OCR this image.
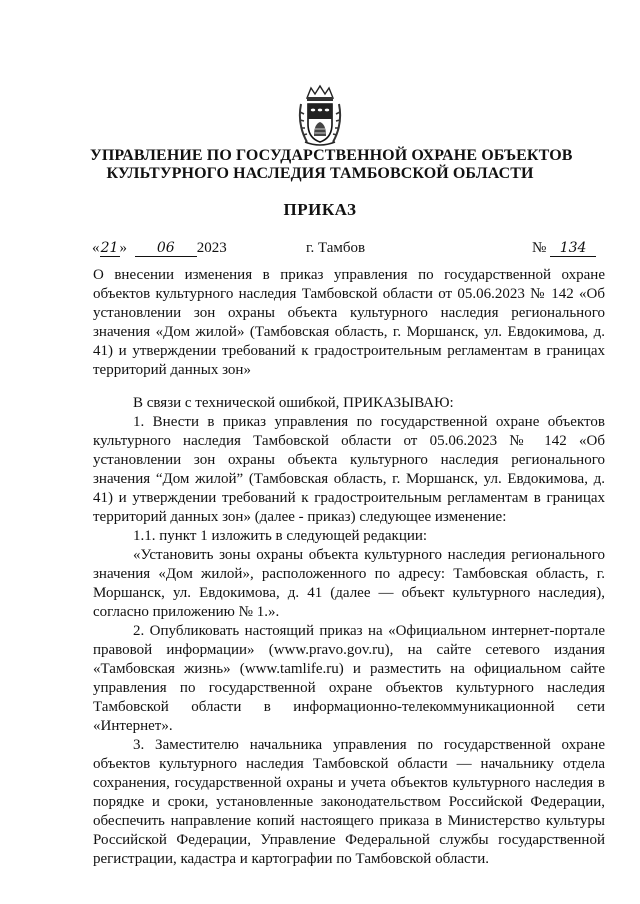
УПРАВЛЕНИЕ ПО ГОСУДАРСТВЕННОЙ ОХРАНЕ ОБЪЕКТОВ
КУЛЬТУРНОГО НАСЛЕДИЯ ТАМБОВСКОЙ ОБЛАСТИ
ПРИКАЗ
«21» 06 2023	г. Тамбов	№ 134
О внесении изменения в приказ управления по государственной охране объектов культурного наследия Тамбовской области от 05.06.2023 № 142 «Об установлении зон охраны объекта культурного наследия регионального значения «Дом жилой» (Тамбовская область, г. Моршанск, ул. Евдокимова, д. 41) и утверждении требований к градостроительным регламентам в границах территорий данных зон»

В связи с технической ошибкой, ПРИКАЗЫВАЮ:

1. Внести в приказ управления по государственной охране объектов культурного наследия Тамбовской области от 05.06.2023 № 142 «Об установлении зон охраны объекта культурного наследия регионального значения “Дом жилой” (Тамбовская область, г. Моршанск, ул. Евдокимова, д. 41) и утверждении требований к градостроительным регламентам в границах территорий данных зон» (далее - приказ) следующее изменение:

1.1. пункт 1 изложить в следующей редакции:

«Установить зоны охраны объекта культурного наследия регионального значения «Дом жилой», расположенного по адресу: Тамбовская область, г. Моршанск, ул. Евдокимова, д. 41 (далее — объект культурного наследия), согласно приложению № 1.».

2. Опубликовать настоящий приказ на «Официальном интернет-портале правовой информации» (www.pravo.gov.ru), на сайте сетевого издания «Тамбовская жизнь» (www.tamlife.ru) и разместить на официальном сайте управления по государственной охране объектов культурного наследия Тамбовской области в информационно-телекоммуникационной сети «Интернет».

3. Заместителю начальника управления по государственной охране объектов культурного наследия Тамбовской области — начальнику отдела сохранения, государственной охраны и учета объектов культурного наследия в порядке и сроки, установленные законодательством Российской Федерации, обеспечить направление копий настоящего приказа в Министерство культуры Российской Федерации, Управление Федеральной службы государственной регистрации, кадастра и картографии по Тамбовской области.
